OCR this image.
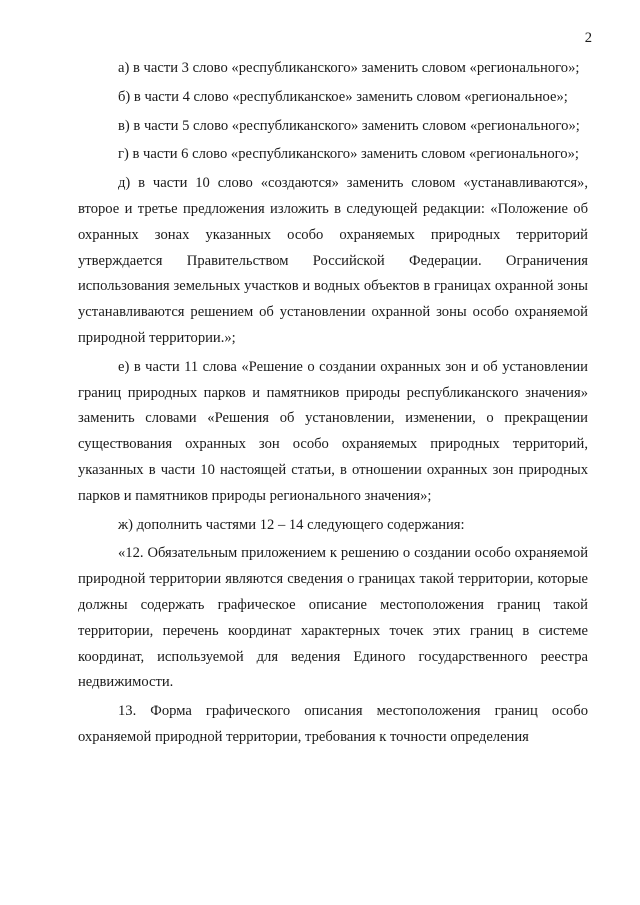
2

а) в части 3 слово «республиканского» заменить словом «регионального»;

б) в части 4 слово «республиканское» заменить словом «региональное»;

в) в части 5 слово «республиканского» заменить словом «регионального»;

г) в части 6 слово «республиканского» заменить словом «регионального»;

д) в части 10 слово «создаются» заменить словом «устанавливаются», второе и третье предложения изложить в следующей редакции: «Положение об охранных зонах указанных особо охраняемых природных территорий утверждается Правительством Российской Федерации. Ограничения использования земельных участков и водных объектов в границах охранной зоны устанавливаются решением об установлении охранной зоны особо охраняемой природной территории.»;

е) в части 11 слова «Решение о создании охранных зон и об установлении границ природных парков и памятников природы республиканского значения» заменить словами «Решения об установлении, изменении, о прекращении существования охранных зон особо охраняемых природных территорий, указанных в части 10 настоящей статьи, в отношении охранных зон природных парков и памятников природы регионального значения»;

ж) дополнить частями 12 – 14 следующего содержания:

«12. Обязательным приложением к решению о создании особо охраняемой природной территории являются сведения о границах такой территории, которые должны содержать графическое описание местоположения границ такой территории, перечень координат характерных точек этих границ в системе координат, используемой для ведения Единого государственного реестра недвижимости.

13. Форма графического описания местоположения границ особо охраняемой природной территории, требования к точности определения
